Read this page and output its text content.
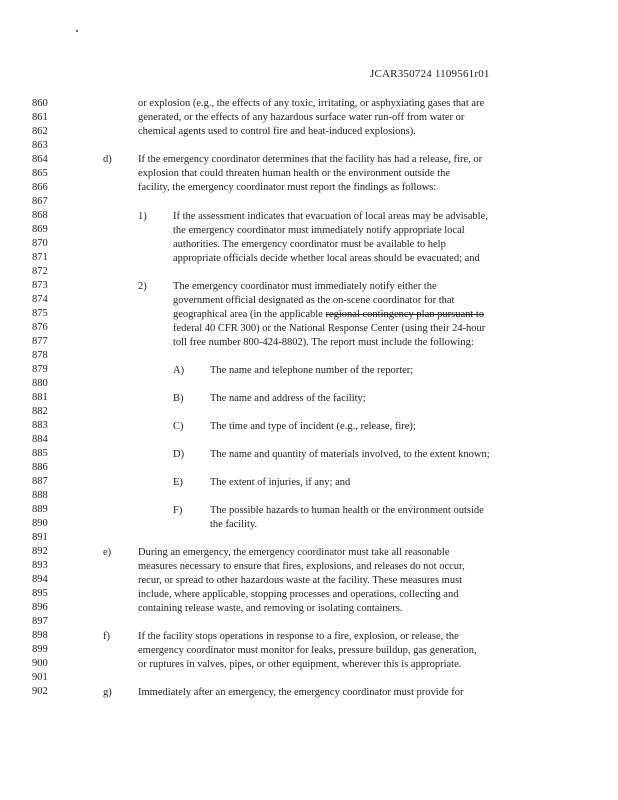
JCAR350724 1109561r01
860
861
862
863
864
865
866
867
868
869
870
871
872
873
874
875
876
877
878
879
880
881
882
883
884
885
886
887
888
889
890
891
892
893
894
895
896
897
898
899
900
901
902
or explosion (e.g., the effects of any toxic, irritating, or asphyxiating gases that are
generated, or the effects of any hazardous surface water run-off from water or
chemical agents used to control fire and heat-induced explosions).
d)	If the emergency coordinator determines that the facility has had a release, fire, or
explosion that could threaten human health or the environment outside the
facility, the emergency coordinator must report the findings as follows:
1)	If the assessment indicates that evacuation of local areas may be advisable,
the emergency coordinator must immediately notify appropriate local
authorities. The emergency coordinator must be available to help
appropriate officials decide whether local areas should be evacuated; and
2)	The emergency coordinator must immediately notify either the
government official designated as the on-scene coordinator for that
geographical area (in the applicable regional contingency plan pursuant to
federal 40 CFR 300) or the National Response Center (using their 24-hour
toll free number 800-424-8802). The report must include the following:
A) The name and telephone number of the reporter;
B)	The name and address of the facility;
C)	The time and type of incident (e.g., release, fire);
D) The name and quantity of materials involved, to the extent known;
E)	The extent of injuries, if any; and
F)	The possible hazards to human health or the environment outside
the facility.
e)	During an emergency, the emergency coordinator must take all reasonable
measures necessary to ensure that fires, explosions, and releases do not occur,
recur, or spread to other hazardous waste at the facility. These measures must
include, where applicable, stopping processes and operations, collecting and
containing release waste, and removing or isolating containers.
f)	If the facility stops operations in response to a fire, explosion, or release, the
emergency coordinator must monitor for leaks, pressure buildup, gas generation,
or ruptures in valves, pipes, or other equipment, wherever this is appropriate.
g)	Immediately after an emergency, the emergency coordinator must provide for
